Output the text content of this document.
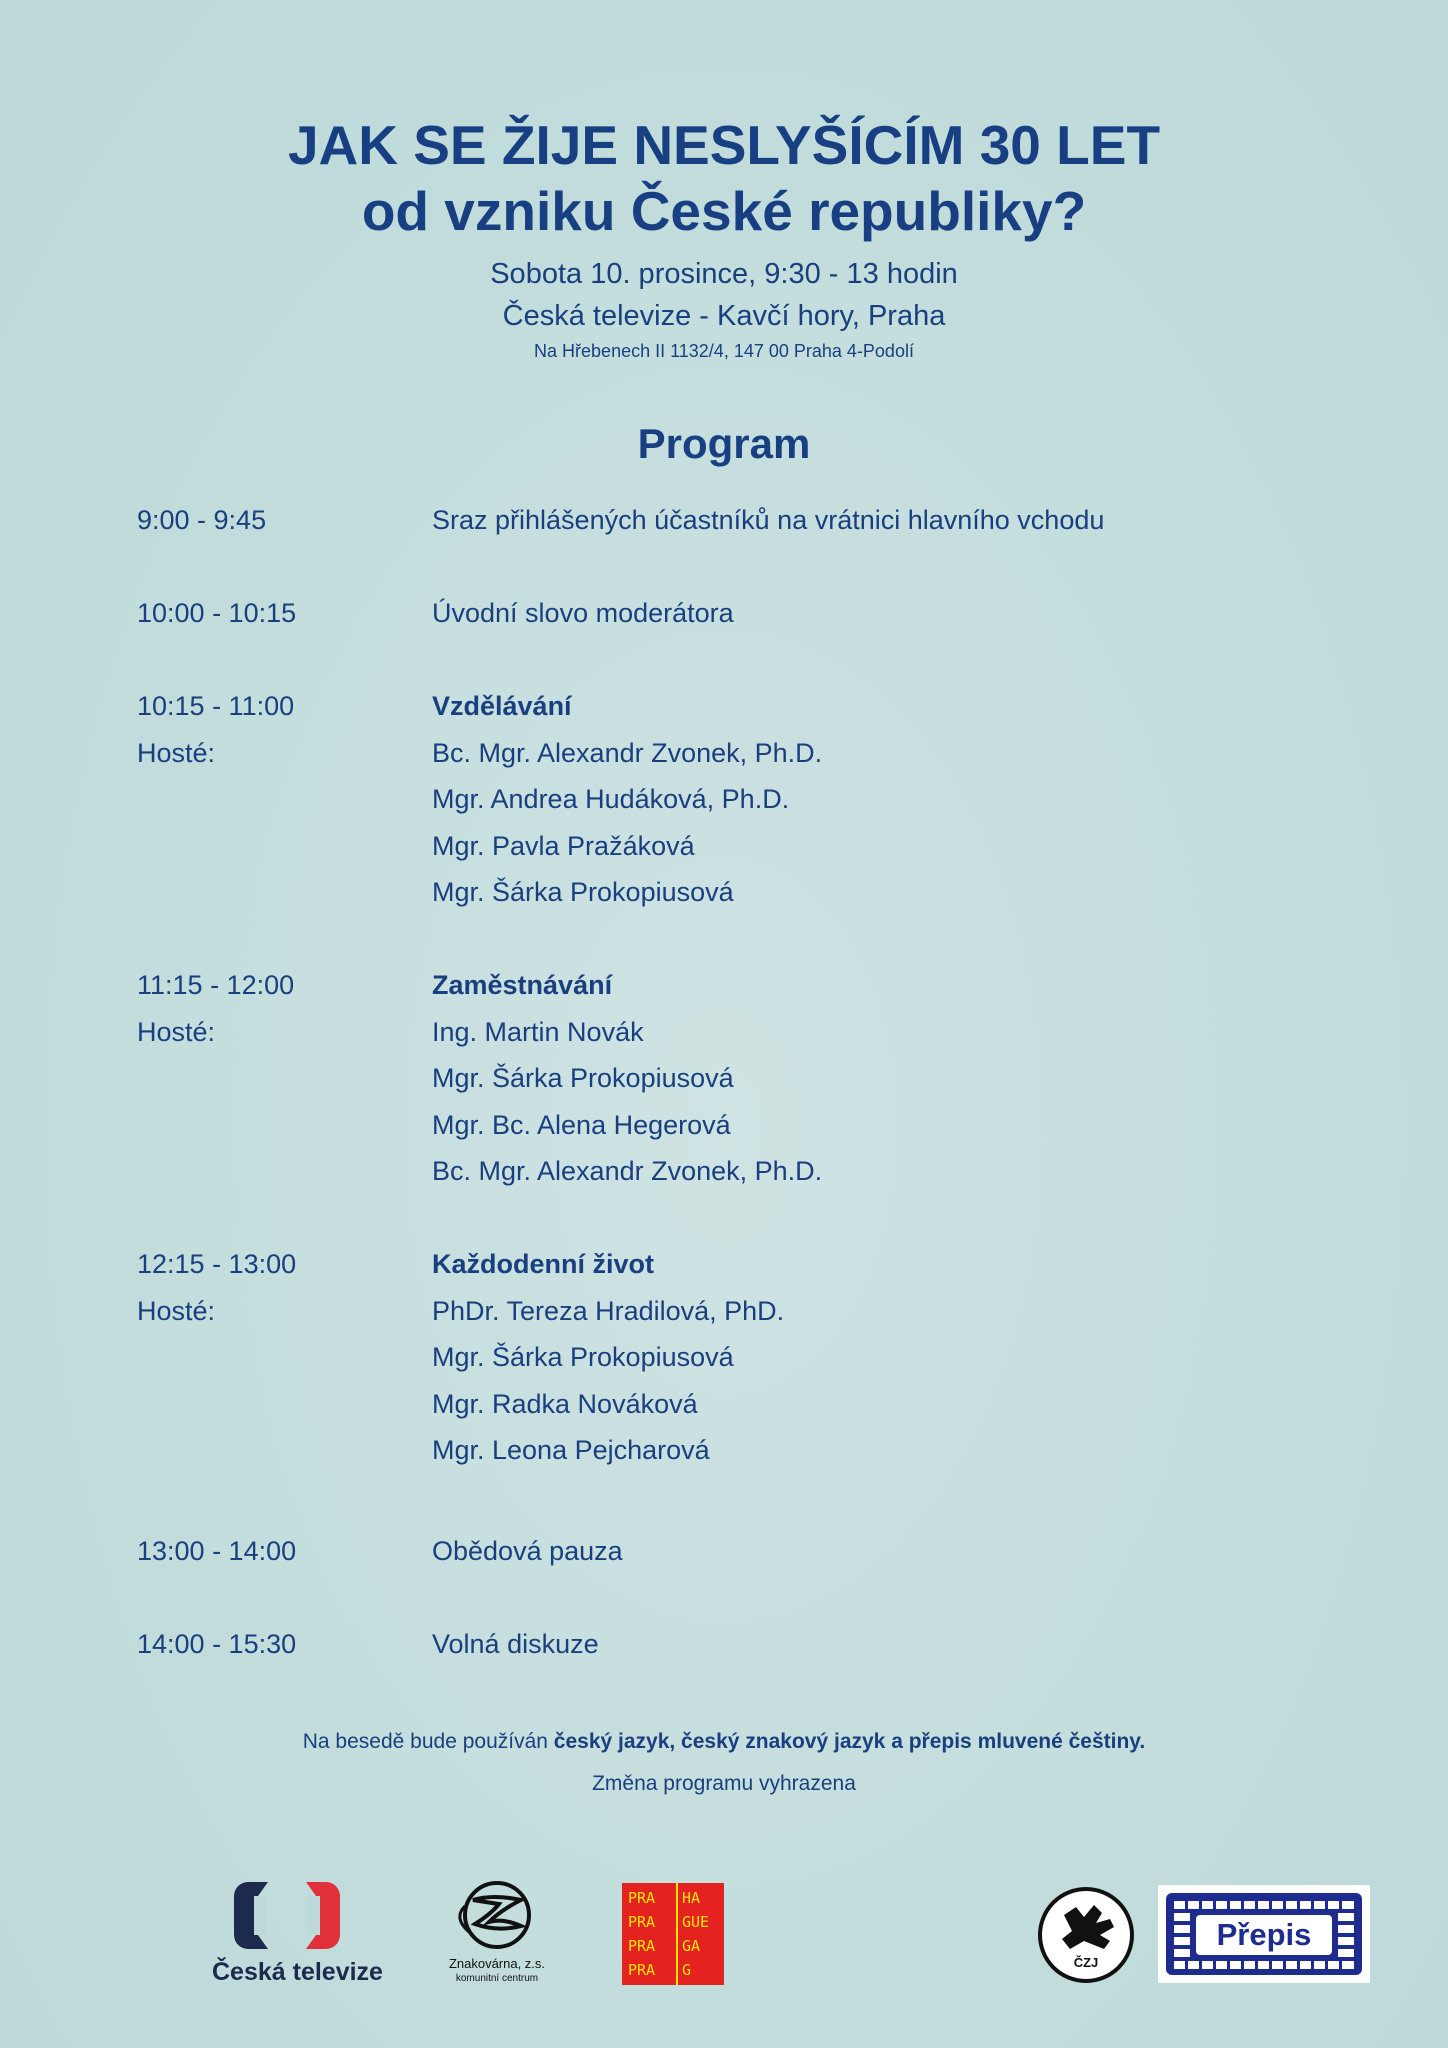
JAK SE ŽIJE NESLYŠÍCÍM 30 LET
od vzniku České republiky?
Sobota 10. prosince, 9:30 - 13 hodin
Česká televize - Kavčí hory, Praha
Na Hřebenech II 1132/4, 147 00 Praha 4-Podolí
Program
9:00 - 9:45	Sraz přihlášených účastníků na vrátnici hlavního vchodu
10:00 - 10:15	Úvodní slovo moderátora
10:15 - 11:00	Vzdělávání
Hosté:	Bc. Mgr. Alexandr Zvonek, Ph.D.
Mgr. Andrea Hudáková, Ph.D.
Mgr. Pavla Pražáková
Mgr. Šárka Prokopiusová
11:15 - 12:00	Zaměstnávání
Hosté:	Ing. Martin Novák
Mgr. Šárka Prokopiusová
Mgr. Bc. Alena Hegerová
Bc. Mgr. Alexandr Zvonek, Ph.D.
12:15 - 13:00	Každodenní život
Hosté:	PhDr. Tereza Hradilová, PhD.
Mgr. Šárka Prokopiusová
Mgr. Radka Nováková
Mgr. Leona Pejcharová
13:00 - 14:00	Obědová pauza
14:00 - 15:30	Volná diskuze
Na besedě bude používán český jazyk, český znakový jazyk a přepis mluvené češtiny.
Změna programu vyhrazena
Česká televize	Znakovárna, z.s.
komunitní centrum
PRA
PRA
PRA
PRA
HA
GUE
GA
G	ČZJ
Přepis
